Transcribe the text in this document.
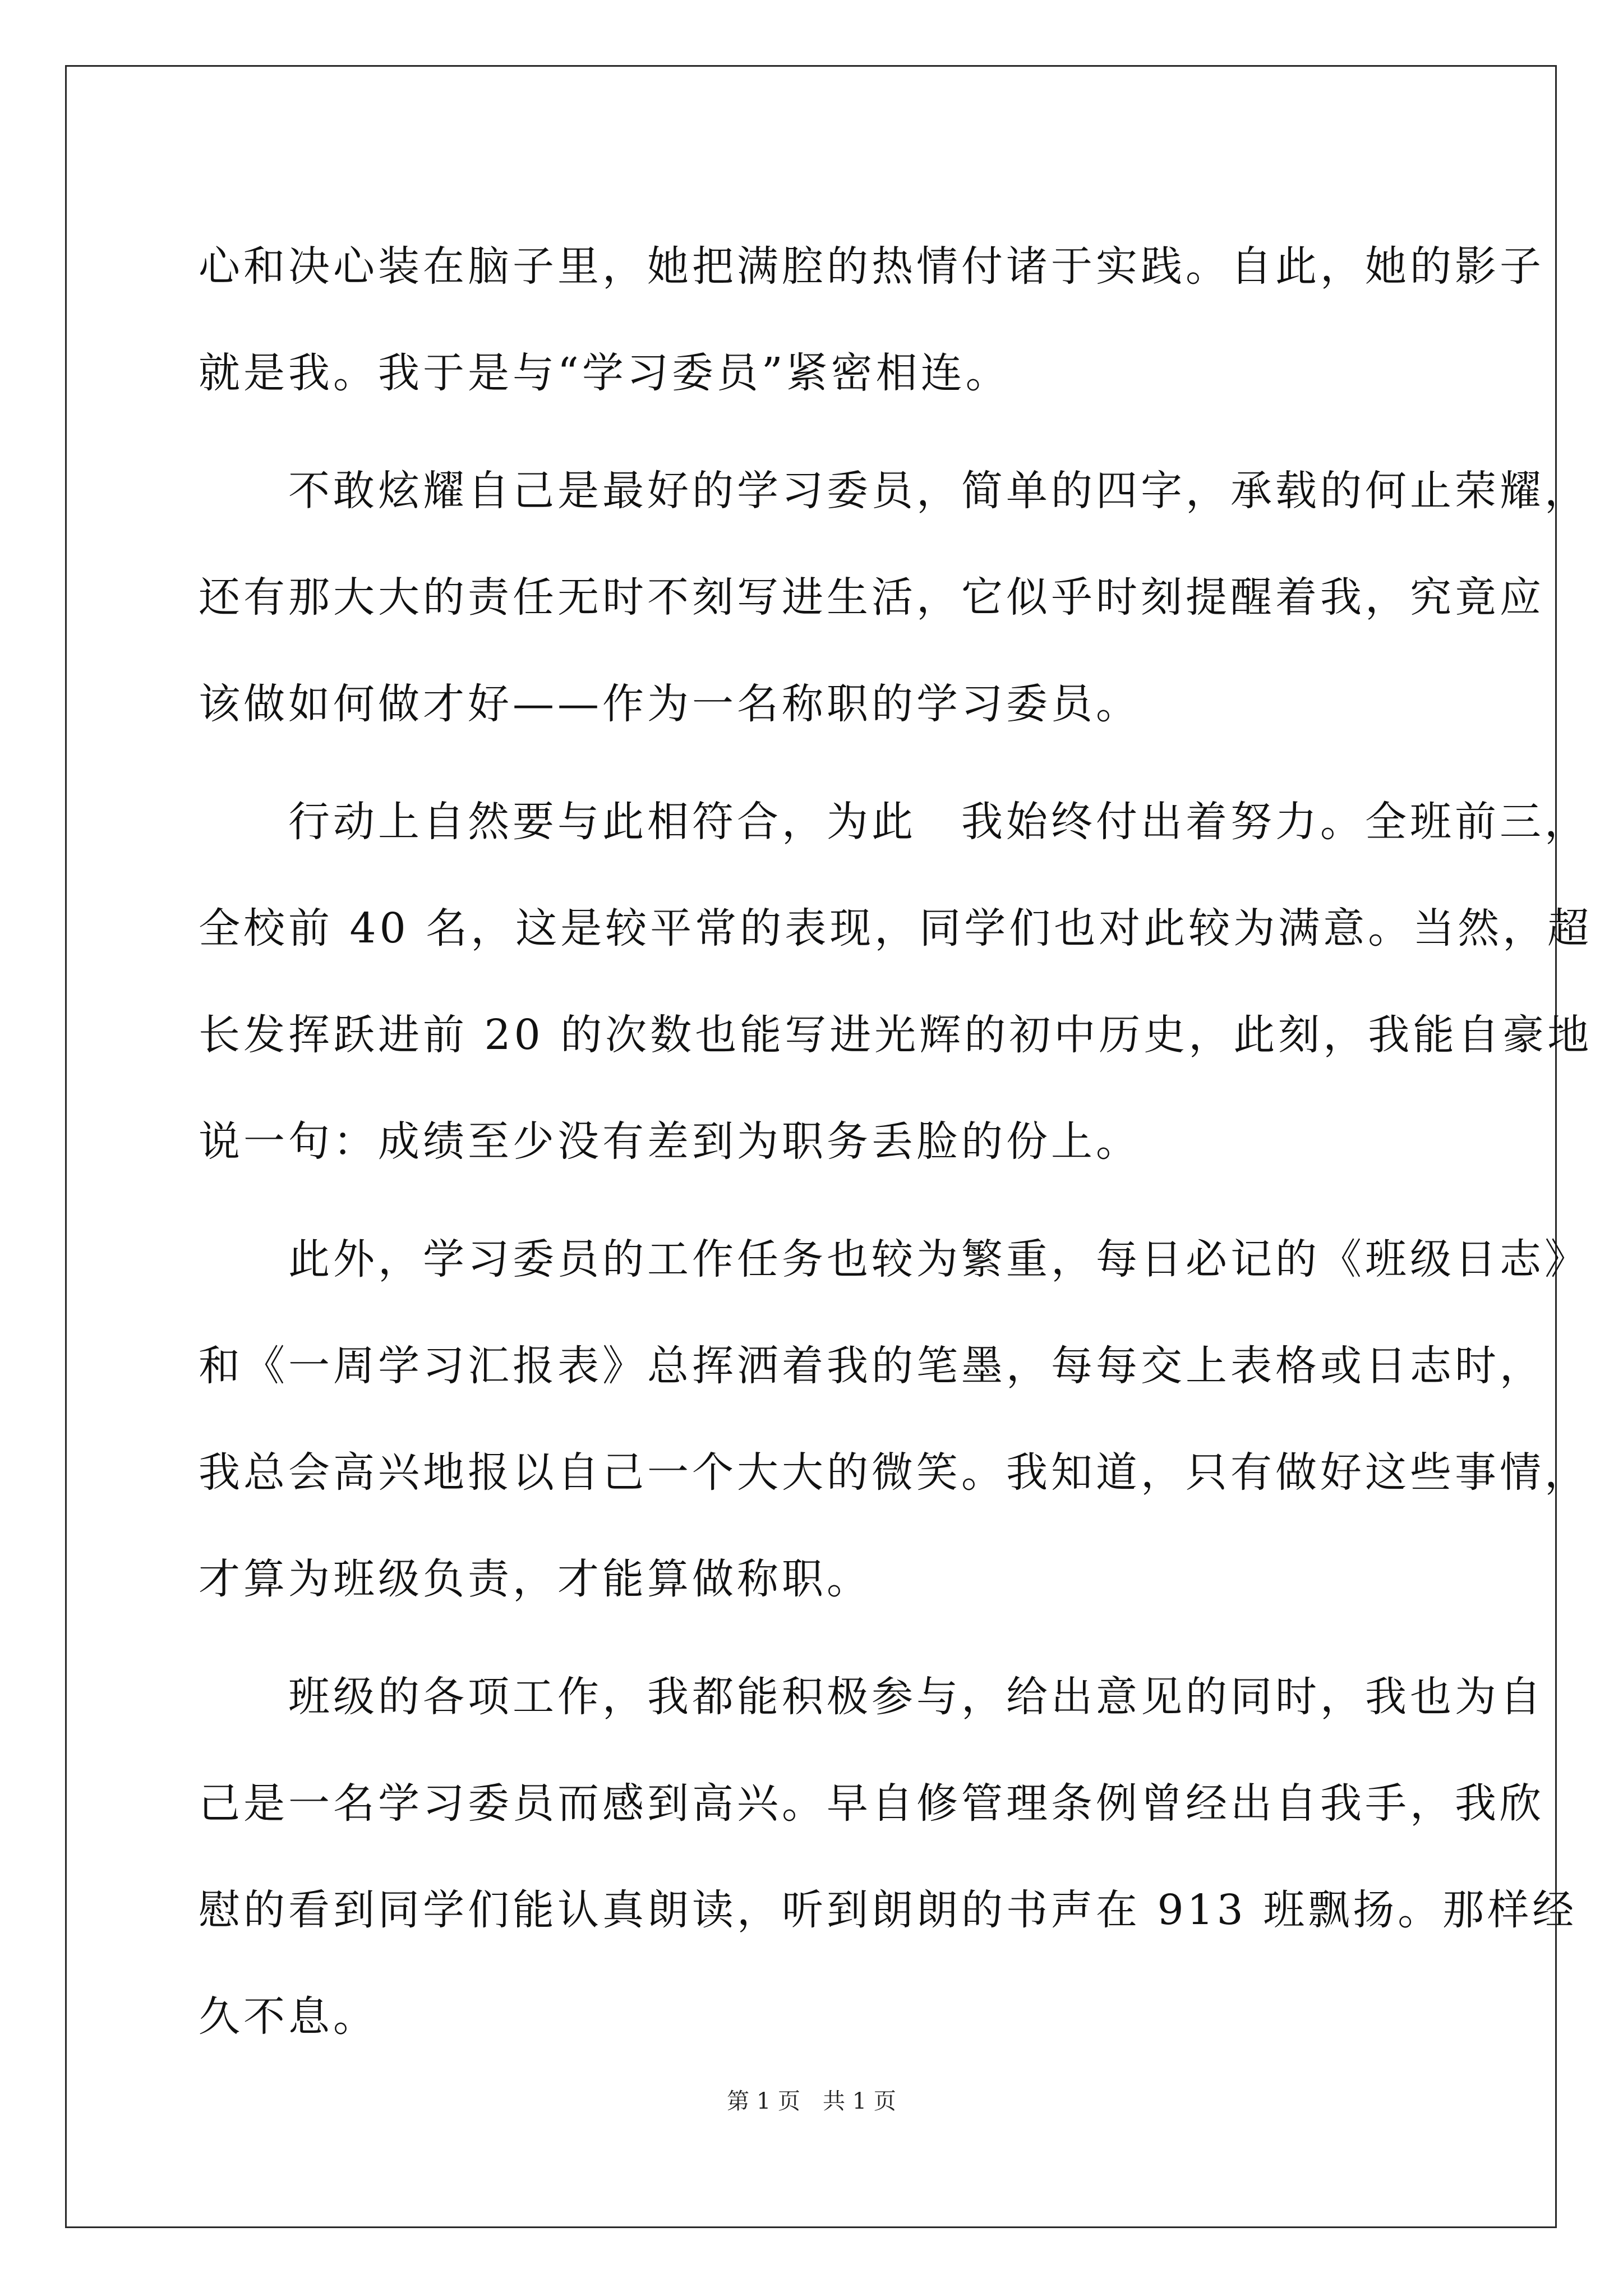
心和决心装在脑子里，她把满腔的热情付诸于实践。自此，她的影子
就是我。我于是与“学习委员”紧密相连。
　　不敢炫耀自己是最好的学习委员，简单的四字，承载的何止荣耀，
还有那大大的责任无时不刻写进生活，它似乎时刻提醒着我，究竟应
该做如何做才好——作为一名称职的学习委员。
　　行动上自然要与此相符合，为此　我始终付出着努力。全班前三，
全校前 40 名，这是较平常的表现，同学们也对此较为满意。当然，超
长发挥跃进前 20 的次数也能写进光辉的初中历史，此刻，我能自豪地
说一句：成绩至少没有差到为职务丢脸的份上。
　　此外，学习委员的工作任务也较为繁重，每日必记的《班级日志》
和《一周学习汇报表》总挥洒着我的笔墨，每每交上表格或日志时，
我总会高兴地报以自己一个大大的微笑。我知道，只有做好这些事情，
才算为班级负责，才能算做称职。
　　班级的各项工作，我都能积极参与，给出意见的同时，我也为自
己是一名学习委员而感到高兴。早自修管理条例曾经出自我手，我欣
慰的看到同学们能认真朗读，听到朗朗的书声在 913 班飘扬。那样经
久不息。
第 1 页　共 1 页
